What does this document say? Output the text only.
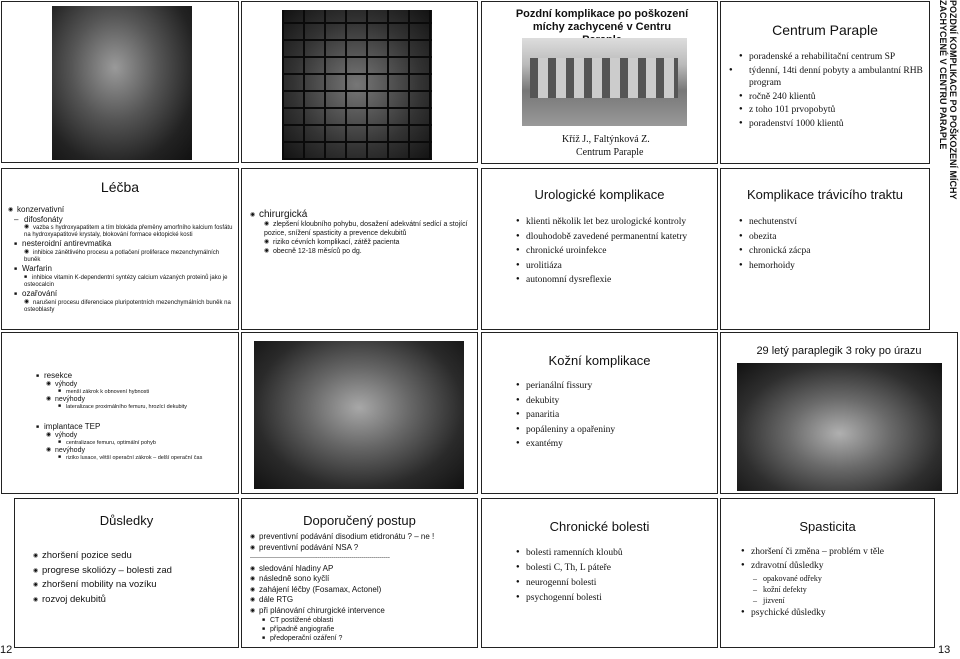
Pozdní komplikace po poškození míchy zachycené v Centru
Kříž J., Faltýnková Z.
Centrum Paraple
Centrum Paraple
● poradenské a rehabilitační centrum SP
● týdenní, 14ti denní pobyty a ambulantní RHB program
● ročně 240 klientů
● z toho 101 prvopobytů
● poradenství 1000 klientů	POZDNÍ KOMPLIKACE PO POŠKOZENÍ MÍCHY ZACHYCENÉ V CENTRU PARAPLE
Léčba
◉ konzervativní
– difosfonáty
◉ vazba s hydroxyapatitem a tím blokáda přeměny amorfního kalcium fosfátu na hydroxyapatitové krystaly, blokování formace ektopické kosti
■ nesteroidní antirevmatika
◉ inhibice zánětlivého procesu a potlačení proliferace mezenchymálních buněk
■ Warfarin
■ inhibice vitamin K-dependentní syntézy calcium vázaných proteinů jako je osteocalcin
■ ozařování
◉ narušení procesu diferenciace pluripotentních mezenchymálních buněk na osteoblasty
◉ chirurgická
◉ zlepšení kloubního pohybu, dosažení adekvátní sedící a stojící pozice, snížení spasticity a prevence dekubitů
◉ riziko cévních komplikací, zátěž pacienta
◉ obecně 12-18 měsíců po dg.
Urologické komplikace
● klienti několik let bez urologické kontroly
● dlouhodobě zavedené permanentní katetry
● chronické uroinfekce
● urolitiáza
● autonomní dysreflexie
Komplikace trávicího traktu
● nechutenství
● obezita
● chronická zácpa
● hemorhoidy
■ resekce
◉ výhody
■ menší zákrok k obnovení hybnosti
◉ nevýhody
■ lateralizace proximálního femuru, hrozící dekubity
■ implantace TEP
◉ výhody
■ centralizace femuru, optimální pohyb
◉ nevýhody
■ riziko luxace, větší operační zákrok – delší operační čas
Kožní komplikace
● perianální fissury
● dekubity
● panaritia
● popáleniny a opařeniny
● exantémy
29 letý paraplegik 3 roky po úrazu
Důsledky
◉ zhoršení pozice sedu
◉ progrese skoliózy – bolesti zad
◉ zhoršení mobility na vozíku
◉ rozvoj dekubitů
Doporučený postup
◉ preventivní podávání disodium etidronátu ? – ne !
◉ preventivní podávání NSA ?
----------------------------------------------------------------------
◉ sledování hladiny AP
◉ následně sono kyčlí
◉ zahájení léčby (Fosamax, Actonel)
◉ dále RTG
◉ při plánování chirurgické intervence
■ CT postižené oblasti
■ případně angiografie
■ předoperační ozáření ?
Chronické bolesti
● bolesti ramenních kloubů
● bolesti C, Th, L páteře
● neurogenní bolesti
● psychogenní bolesti
Spasticita
● zhoršení či změna – problém v těle
● zdravotní důsledky
– opakované odřeky
– kožní defekty
– jizvení
● psychické důsledky
12	13
